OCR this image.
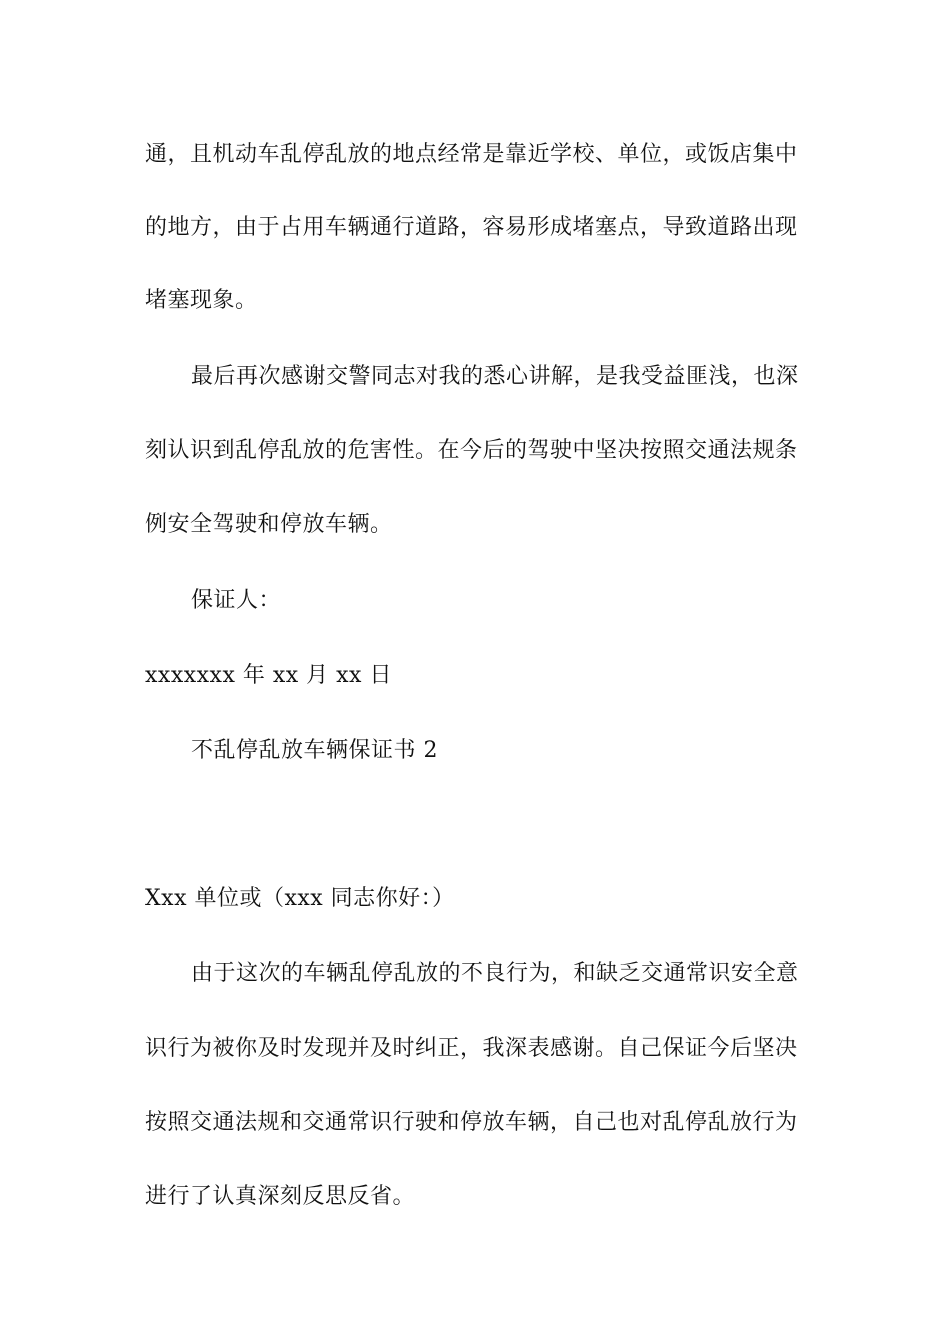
通，且机动车乱停乱放的地点经常是靠近学校、单位，或饭店集中
的地方，由于占用车辆通行道路，容易形成堵塞点，导致道路出现
堵塞现象。
最后再次感谢交警同志对我的悉心讲解，是我受益匪浅，也深
刻认识到乱停乱放的危害性。在今后的驾驶中坚决按照交通法规条
例安全驾驶和停放车辆。
保证人：
xxxxxxx 年 xx 月 xx 日
不乱停乱放车辆保证书 2
Xxx 单位或（xxx 同志你好：）
由于这次的车辆乱停乱放的不良行为，和缺乏交通常识安全意
识行为被你及时发现并及时纠正，我深表感谢。自己保证今后坚决
按照交通法规和交通常识行驶和停放车辆，自己也对乱停乱放行为
进行了认真深刻反思反省。
